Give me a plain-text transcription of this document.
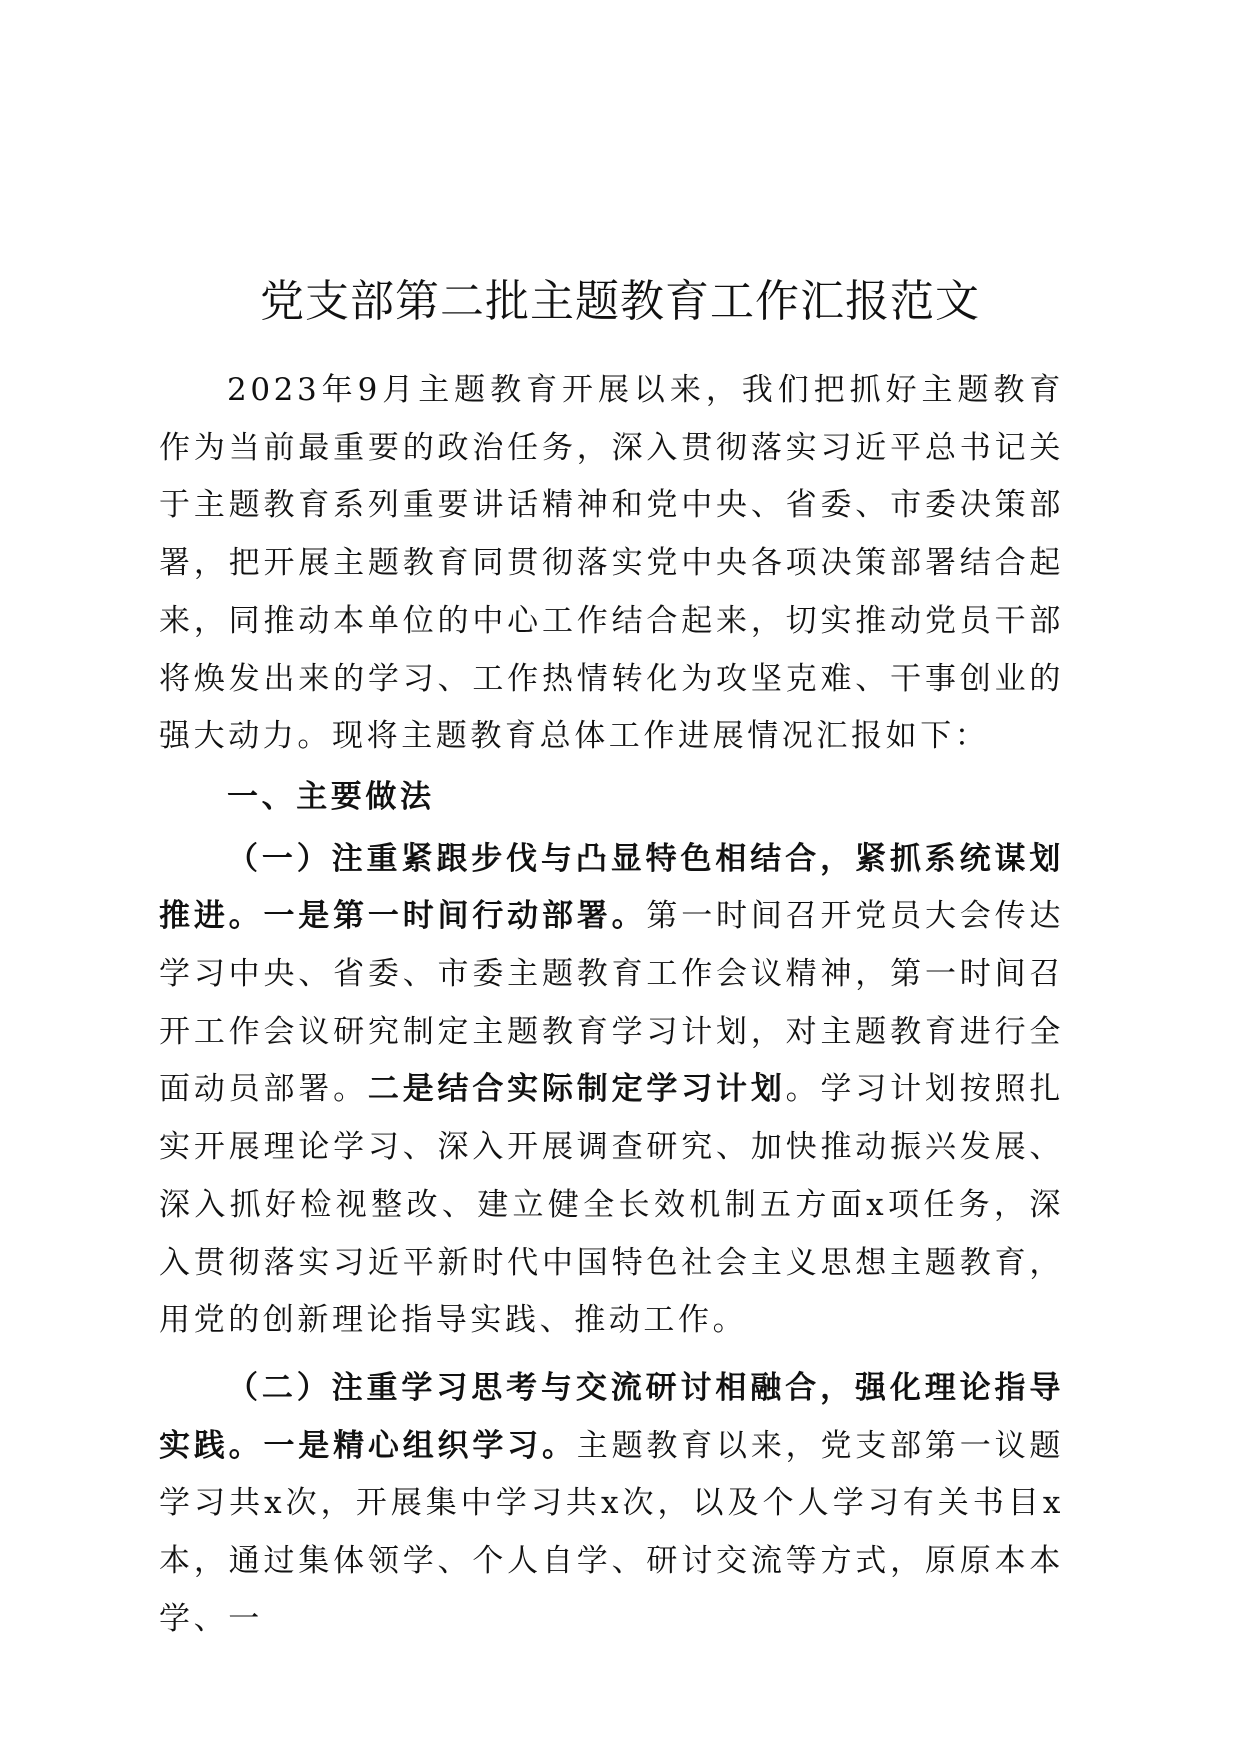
党支部第二批主题教育工作汇报范文

2023年9月主题教育开展以来，我们把抓好主题教育作为当前最重要的政治任务，深入贯彻落实习近平总书记关于主题教育系列重要讲话精神和党中央、省委、市委决策部署，把开展主题教育同贯彻落实党中央各项决策部署结合起来，同推动本单位的中心工作结合起来，切实推动党员干部将焕发出来的学习、工作热情转化为攻坚克难、干事创业的强大动力。现将主题教育总体工作进展情况汇报如下：

一、主要做法

（一）注重紧跟步伐与凸显特色相结合，紧抓系统谋划推进。一是第一时间行动部署。第一时间召开党员大会传达学习中央、省委、市委主题教育工作会议精神，第一时间召开工作会议研究制定主题教育学习计划，对主题教育进行全面动员部署。二是结合实际制定学习计划。学习计划按照扎实开展理论学习、深入开展调查研究、加快推动振兴发展、深入抓好检视整改、建立健全长效机制五方面x项任务，深入贯彻落实习近平新时代中国特色社会主义思想主题教育，用党的创新理论指导实践、推动工作。

（二）注重学习思考与交流研讨相融合，强化理论指导实践。一是精心组织学习。主题教育以来，党支部第一议题学习共x次，开展集中学习共x次，以及个人学习有关书目x本，通过集体领学、个人自学、研讨交流等方式，原原本本学、一
